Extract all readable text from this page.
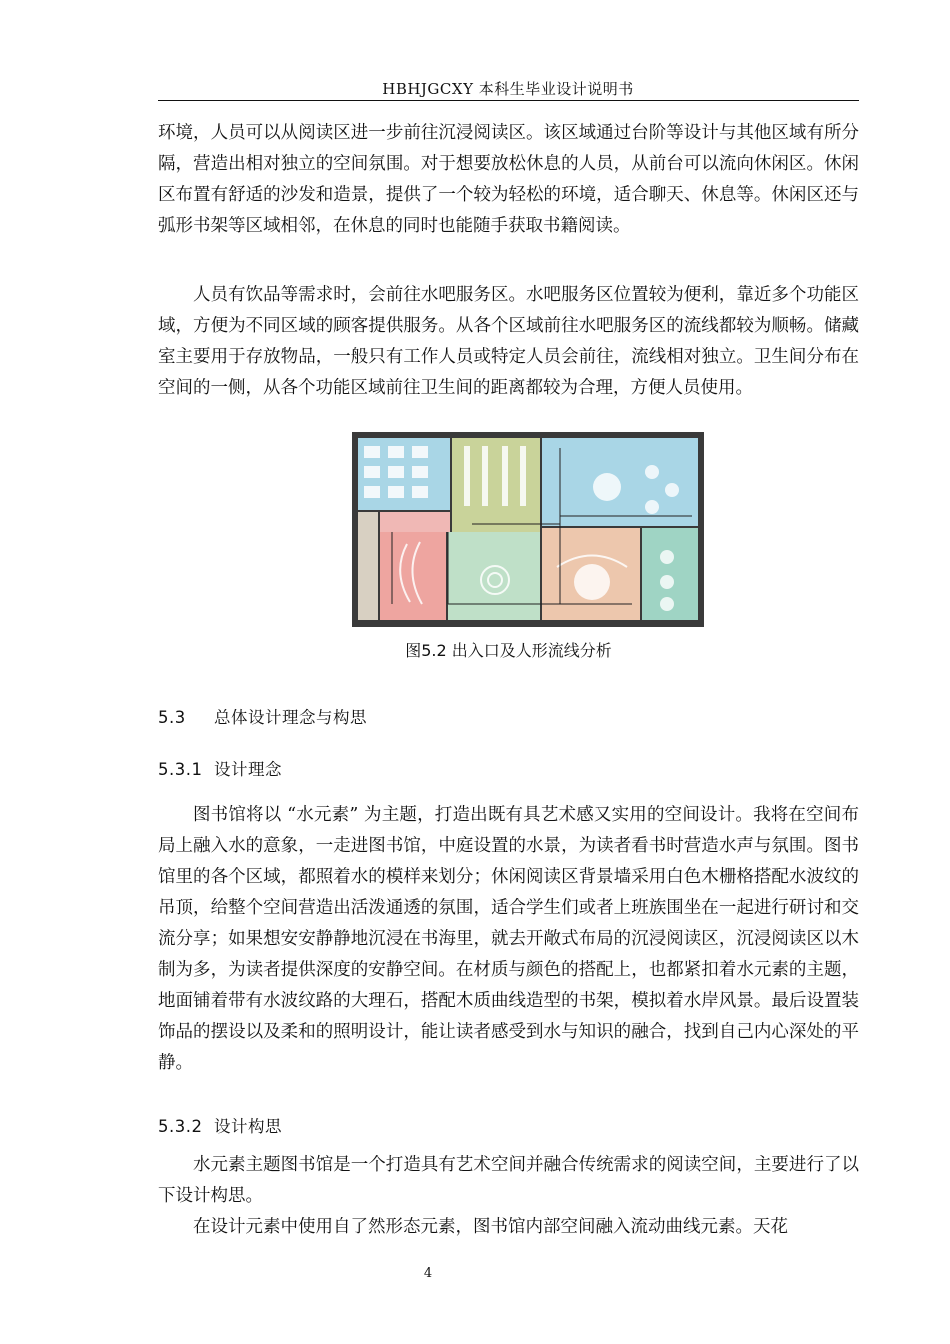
HBHJGCXY 本科生毕业设计说明书

环境，人员可以从阅读区进一步前往沉浸阅读区。该区域通过台阶等设计与其他区域有所分隔，营造出相对独立的空间氛围。对于想要放松休息的人员，从前台可以流向休闲区。休闲区布置有舒适的沙发和造景，提供了一个较为轻松的环境，适合聊天、休息等。休闲区还与弧形书架等区域相邻，在休息的同时也能随手获取书籍阅读。

人员有饮品等需求时，会前往水吧服务区。水吧服务区位置较为便利，靠近多个功能区域，方便为不同区域的顾客提供服务。从各个区域前往水吧服务区的流线都较为顺畅。储藏室主要用于存放物品，一般只有工作人员或特定人员会前往，流线相对独立。卫生间分布在空间的一侧，从各个功能区域前往卫生间的距离都较为合理，方便人员使用。

图5.2 出入口及人形流线分析
5.3 总体设计理念与构思
5.3.1 设计理念

图书馆将以 “水元素” 为主题，打造出既有具艺术感又实用的空间设计。我将在空间布局上融入水的意象，一走进图书馆，中庭设置的水景，为读者看书时营造水声与氛围。图书馆里的各个区域，都照着水的模样来划分；休闲阅读区背景墙采用白色木栅格搭配水波纹的吊顶，给整个空间营造出活泼通透的氛围，适合学生们或者上班族围坐在一起进行研讨和交流分享；如果想安安静静地沉浸在书海里，就去开敞式布局的沉浸阅读区，沉浸阅读区以木制为多，为读者提供深度的安静空间。在材质与颜色的搭配上，也都紧扣着水元素的主题，地面铺着带有水波纹路的大理石，搭配木质曲线造型的书架，模拟着水岸风景。最后设置装饰品的摆设以及柔和的照明设计，能让读者感受到水与知识的融合，找到自己内心深处的平静。

5.3.2 设计构思

水元素主题图书馆是一个打造具有艺术空间并融合传统需求的阅读空间，主要进行了以下设计构思。

在设计元素中使用自了然形态元素，图书馆内部空间融入流动曲线元素。天花

4
